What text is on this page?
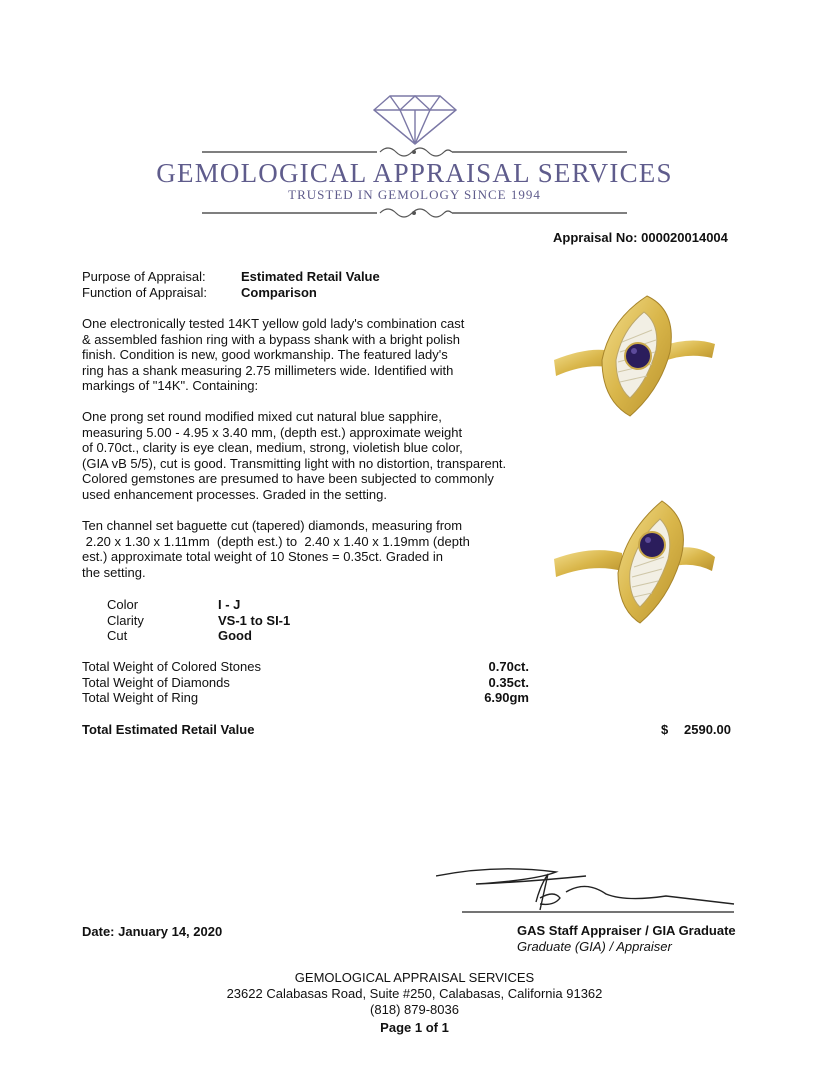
GEMOLOGICAL APPRAISAL SERVICES
TRUSTED IN GEMOLOGY SINCE 1994
Appraisal No: 000020014004
Purpose of Appraisal:	Estimated Retail Value
Function of Appraisal:	Comparison
One electronically tested 14KT yellow gold lady's combination cast
& assembled fashion ring with a bypass shank with a bright polish
finish. Condition is new, good workmanship. The featured lady's
ring has a shank measuring 2.75 millimeters wide. Identified with
markings of "14K". Containing:
One prong set round modified mixed cut natural blue sapphire,
measuring 5.00 - 4.95 x 3.40 mm, (depth est.) approximate weight
of 0.70ct., clarity is eye clean, medium, strong, violetish blue color,
(GIA vB 5/5), cut is good. Transmitting light with no distortion, transparent.
Colored gemstones are presumed to have been subjected to commonly
used enhancement processes. Graded in the setting.
Ten channel set baguette cut (tapered) diamonds, measuring from
2.20 x 1.30 x 1.11mm  (depth est.) to  2.40 x 1.40 x 1.19mm (depth
est.) approximate total weight of 10 Stones = 0.35ct. Graded in
the setting.
Color	I - J
Clarity	VS-1 to SI-1
Cut	Good
Total Weight of Colored Stones	0.70ct.
Total Weight of Diamonds	0.35ct.
Total Weight of Ring	6.90gm
Total Estimated Retail Value	$ 2590.00
Date: January 14, 2020	GAS Staff Appraiser / GIA Graduate
Graduate (GIA) / Appraiser
GEMOLOGICAL APPRAISAL SERVICES
23622 Calabasas Road, Suite #250, Calabasas, California 91362
(818) 879-8036
Page 1 of 1
